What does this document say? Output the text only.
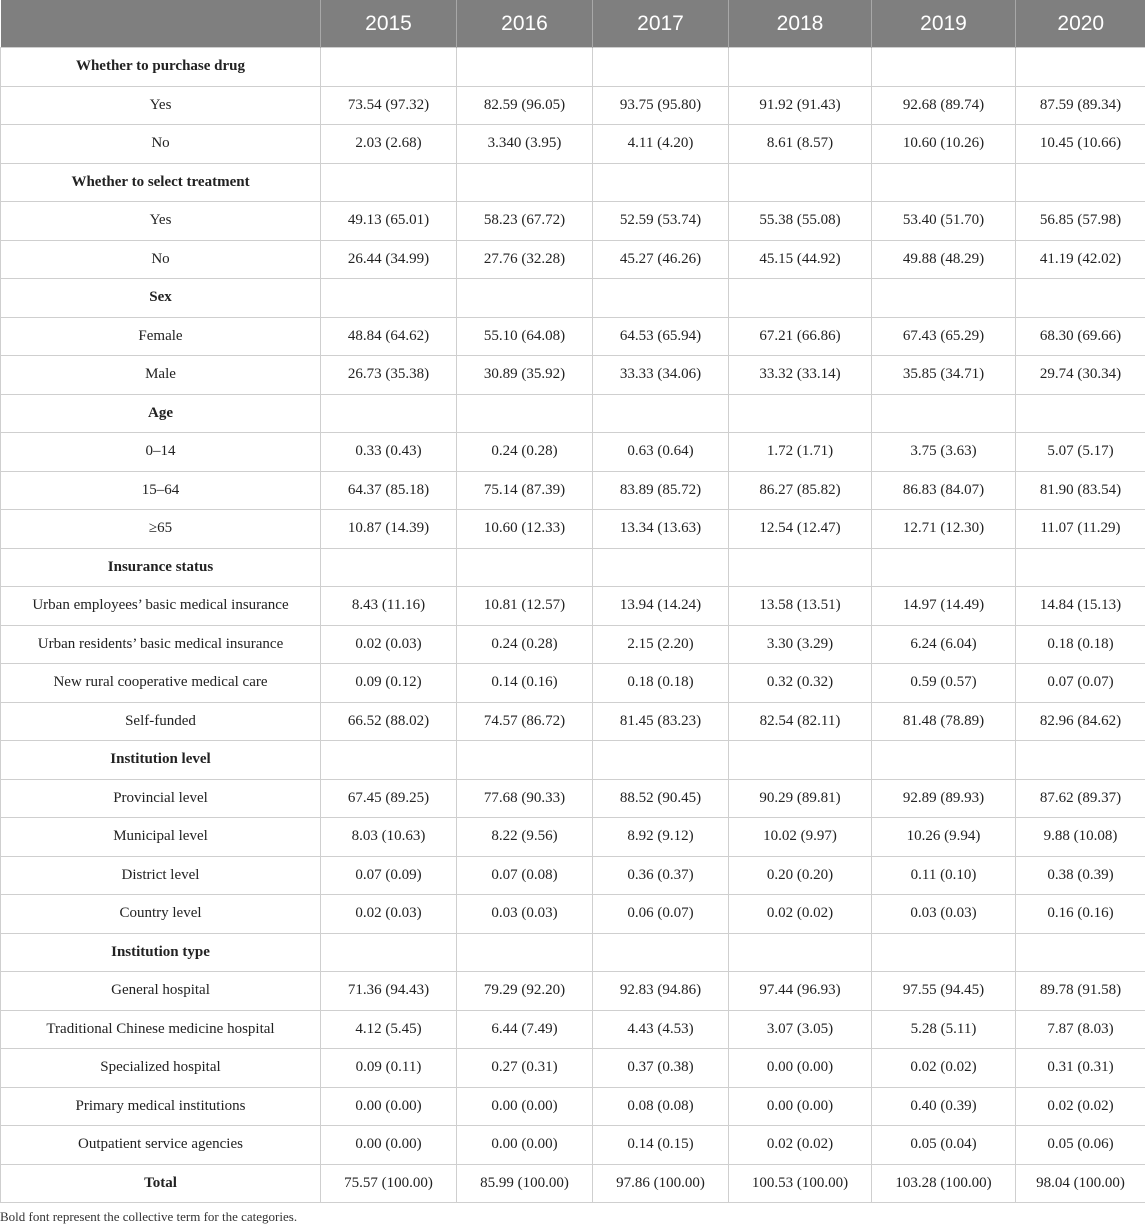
	2015	2016	2017	2018	2019	2020
Whether to purchase drug						
Yes	73.54 (97.32)	82.59 (96.05)	93.75 (95.80)	91.92 (91.43)	92.68 (89.74)	87.59 (89.34)
No	2.03 (2.68)	3.340 (3.95)	4.11 (4.20)	8.61 (8.57)	10.60 (10.26)	10.45 (10.66)
Whether to select treatment						
Yes	49.13 (65.01)	58.23 (67.72)	52.59 (53.74)	55.38 (55.08)	53.40 (51.70)	56.85 (57.98)
No	26.44 (34.99)	27.76 (32.28)	45.27 (46.26)	45.15 (44.92)	49.88 (48.29)	41.19 (42.02)
Sex						
Female	48.84 (64.62)	55.10 (64.08)	64.53 (65.94)	67.21 (66.86)	67.43 (65.29)	68.30 (69.66)
Male	26.73 (35.38)	30.89 (35.92)	33.33 (34.06)	33.32 (33.14)	35.85 (34.71)	29.74 (30.34)
Age						
0–14	0.33 (0.43)	0.24 (0.28)	0.63 (0.64)	1.72 (1.71)	3.75 (3.63)	5.07 (5.17)
15–64	64.37 (85.18)	75.14 (87.39)	83.89 (85.72)	86.27 (85.82)	86.83 (84.07)	81.90 (83.54)
≥65	10.87 (14.39)	10.60 (12.33)	13.34 (13.63)	12.54 (12.47)	12.71 (12.30)	11.07 (11.29)
Insurance status						
Urban employees’ basic medical insurance	8.43 (11.16)	10.81 (12.57)	13.94 (14.24)	13.58 (13.51)	14.97 (14.49)	14.84 (15.13)
Urban residents’ basic medical insurance	0.02 (0.03)	0.24 (0.28)	2.15 (2.20)	3.30 (3.29)	6.24 (6.04)	0.18 (0.18)
New rural cooperative medical care	0.09 (0.12)	0.14 (0.16)	0.18 (0.18)	0.32 (0.32)	0.59 (0.57)	0.07 (0.07)
Self-funded	66.52 (88.02)	74.57 (86.72)	81.45 (83.23)	82.54 (82.11)	81.48 (78.89)	82.96 (84.62)
Institution level						
Provincial level	67.45 (89.25)	77.68 (90.33)	88.52 (90.45)	90.29 (89.81)	92.89 (89.93)	87.62 (89.37)
Municipal level	8.03 (10.63)	8.22 (9.56)	8.92 (9.12)	10.02 (9.97)	10.26 (9.94)	9.88 (10.08)
District level	0.07 (0.09)	0.07 (0.08)	0.36 (0.37)	0.20 (0.20)	0.11 (0.10)	0.38 (0.39)
Country level	0.02 (0.03)	0.03 (0.03)	0.06 (0.07)	0.02 (0.02)	0.03 (0.03)	0.16 (0.16)
Institution type						
General hospital	71.36 (94.43)	79.29 (92.20)	92.83 (94.86)	97.44 (96.93)	97.55 (94.45)	89.78 (91.58)
Traditional Chinese medicine hospital	4.12 (5.45)	6.44 (7.49)	4.43 (4.53)	3.07 (3.05)	5.28 (5.11)	7.87 (8.03)
Specialized hospital	0.09 (0.11)	0.27 (0.31)	0.37 (0.38)	0.00 (0.00)	0.02 (0.02)	0.31 (0.31)
Primary medical institutions	0.00 (0.00)	0.00 (0.00)	0.08 (0.08)	0.00 (0.00)	0.40 (0.39)	0.02 (0.02)
Outpatient service agencies	0.00 (0.00)	0.00 (0.00)	0.14 (0.15)	0.02 (0.02)	0.05 (0.04)	0.05 (0.06)
Total	75.57 (100.00)	85.99 (100.00)	97.86 (100.00)	100.53 (100.00)	103.28 (100.00)	98.04 (100.00)

Bold font represent the collective term for the categories.
